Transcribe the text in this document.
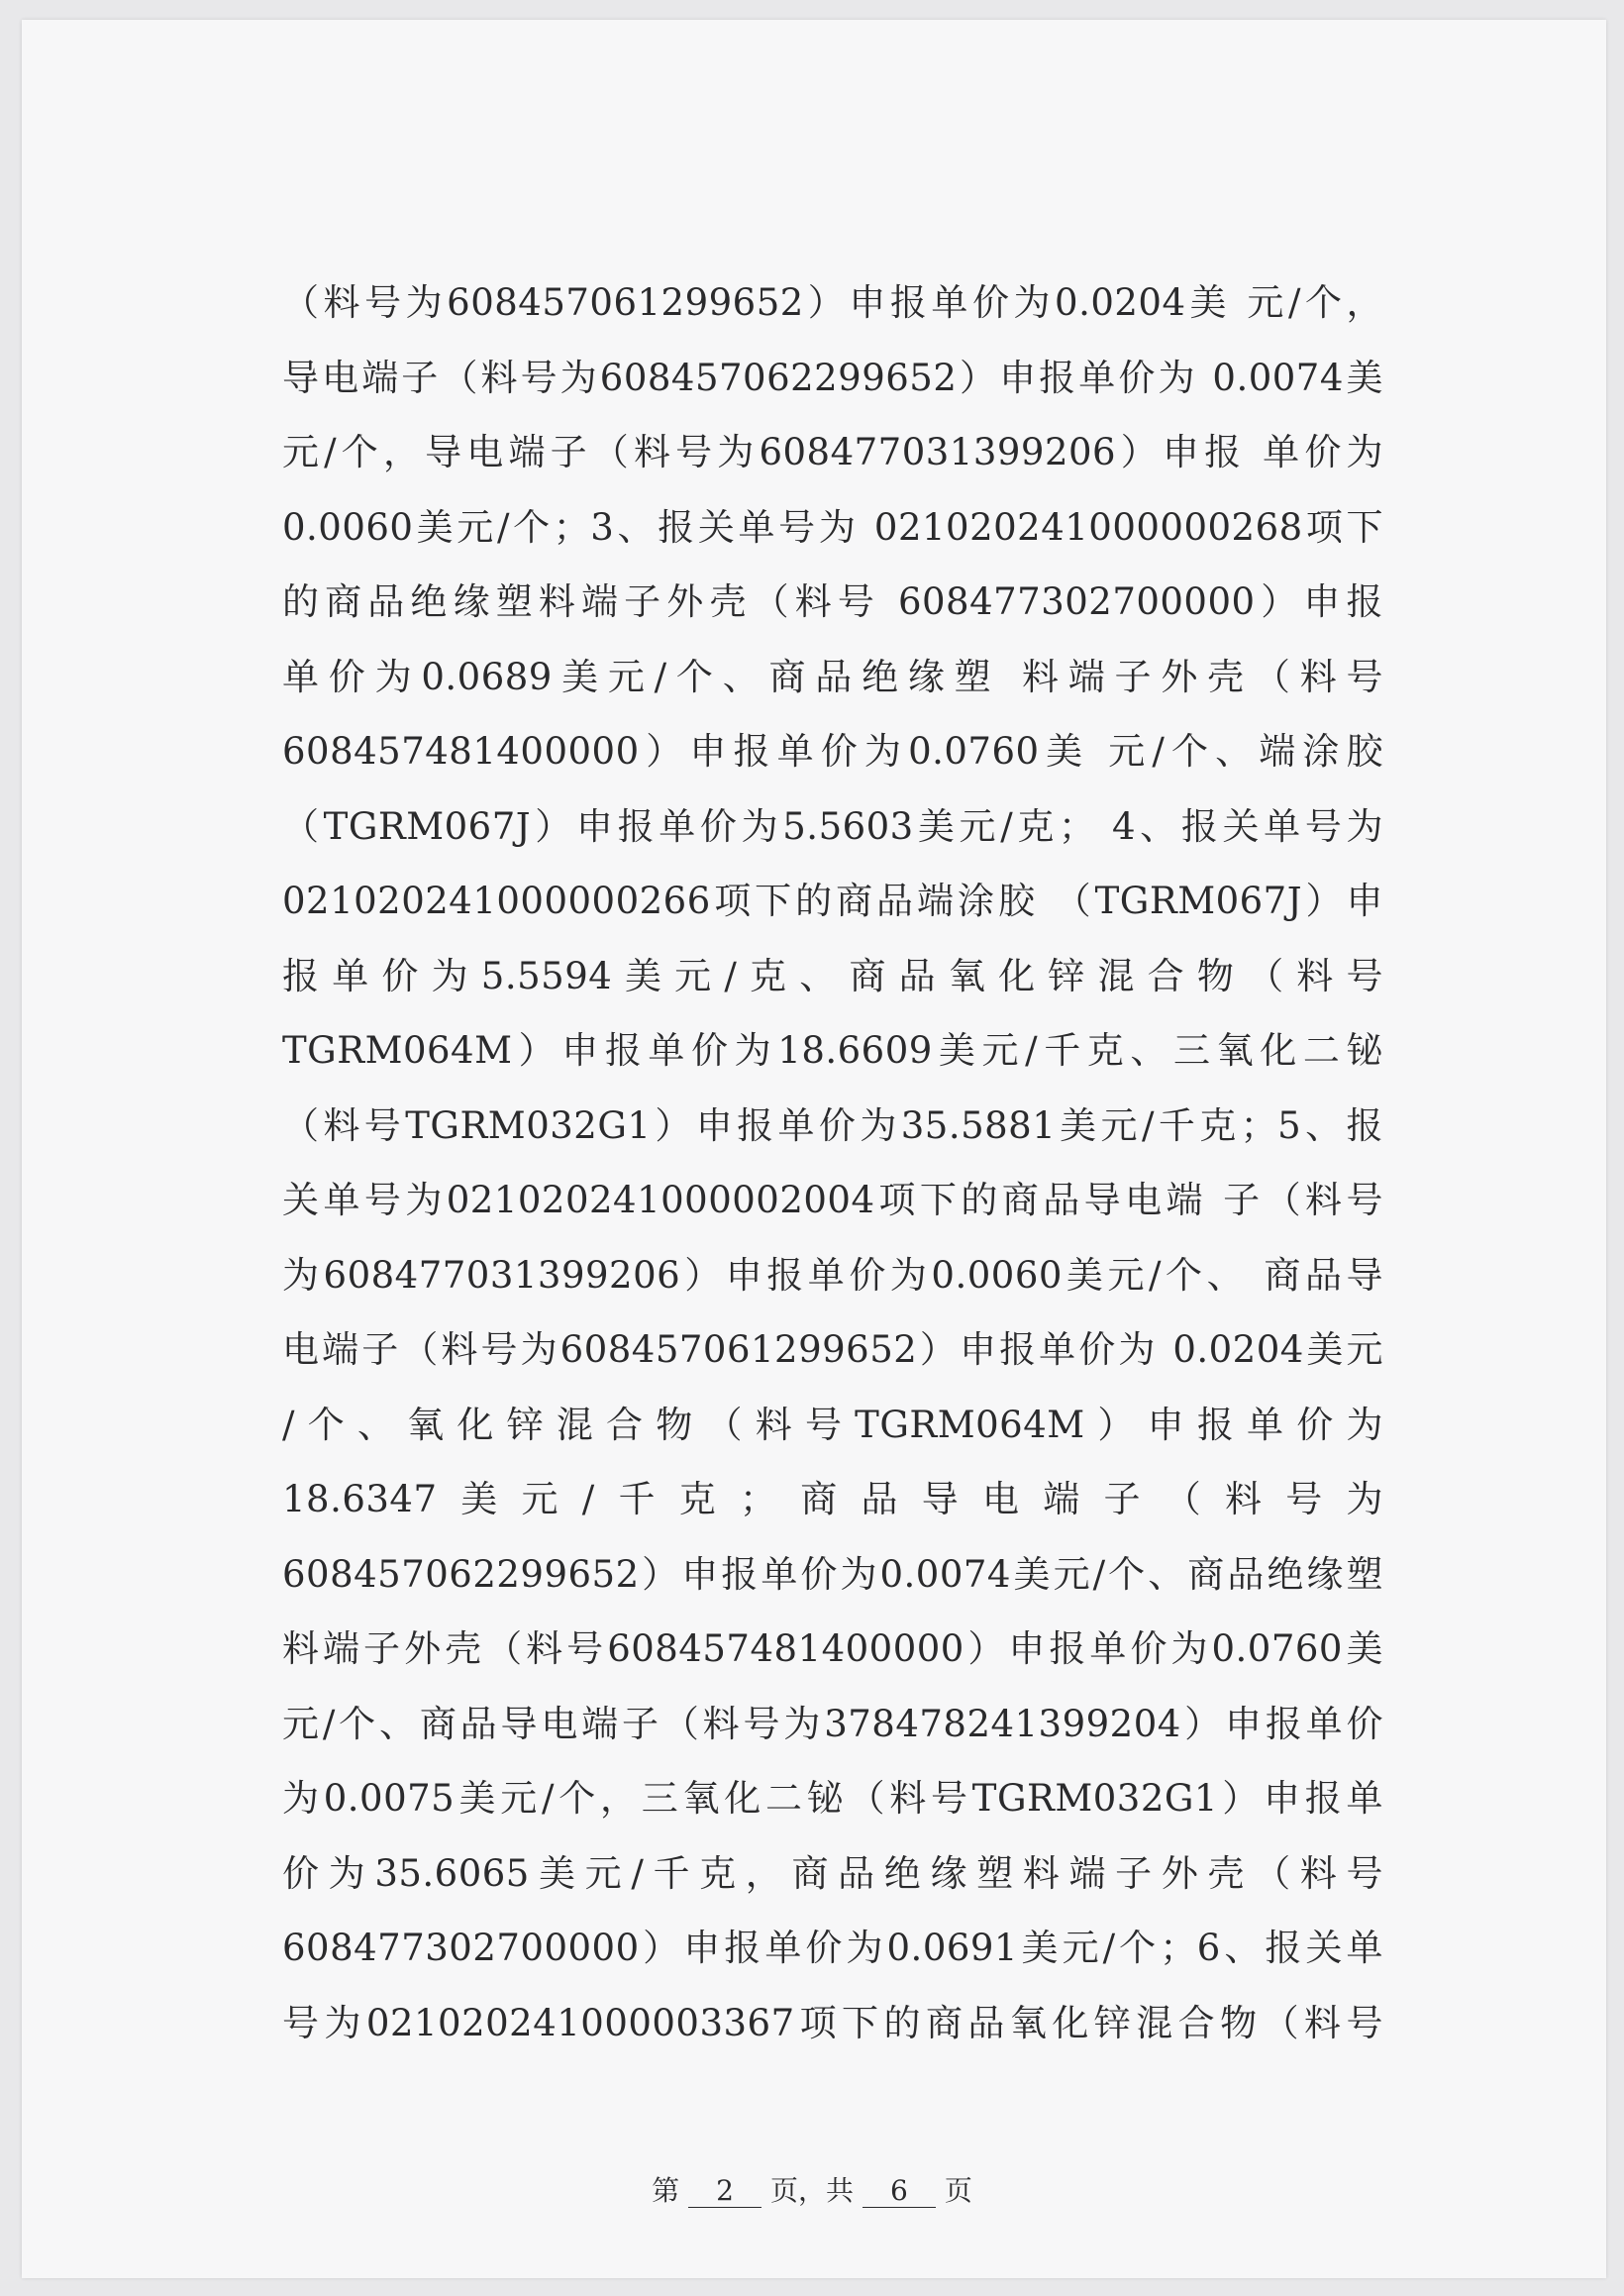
（料号为608457061299652）申报单价为0.0204美 元/个，
导电端子（料号为608457062299652）申报单价为 0.0074美
元/个，导电端子（料号为608477031399206）申报 单价为
0.0060美元/个；3、报关单号为 021020241000000268项下
的商品绝缘塑料端子外壳（料号 608477302700000）申报
单价为0.0689美元/个、商品绝缘塑 料端子外壳（料号
608457481400000）申报单价为0.0760美 元/个、端涂胶
（TGRM067J）申报单价为5.5603美元/克； 4、报关单号为
021020241000000266项下的商品端涂胶 （TGRM067J）申
报单价为5.5594美元/克、商品氧化锌混合物（料号
TGRM064M）申报单价为18.6609美元/千克、三氧化二铋
（料号TGRM032G1）申报单价为35.5881美元/千克；5、报
关单号为021020241000002004项下的商品导电端 子（料号
为608477031399206）申报单价为0.0060美元/个、 商品导
电端子（料号为608457061299652）申报单价为 0.0204美元
/个、氧化锌混合物（料号TGRM064M）申报单价为
18.6347美元/千克；商品导电端子（料号为
608457062299652）申报单价为0.0074美元/个、商品绝缘塑
料端子外壳（料号608457481400000）申报单价为0.0760美
元/个、商品导电端子（料号为378478241399204）申报单价
为0.0075美元/个，三氧化二铋（料号TGRM032G1）申报单
价为35.6065美元/千克，商品绝缘塑料端子外壳（料号
608477302700000）申报单价为0.0691美元/个；6、报关单
号为021020241000003367项下的商品氧化锌混合物（料号
第 2 页，共 6 页
